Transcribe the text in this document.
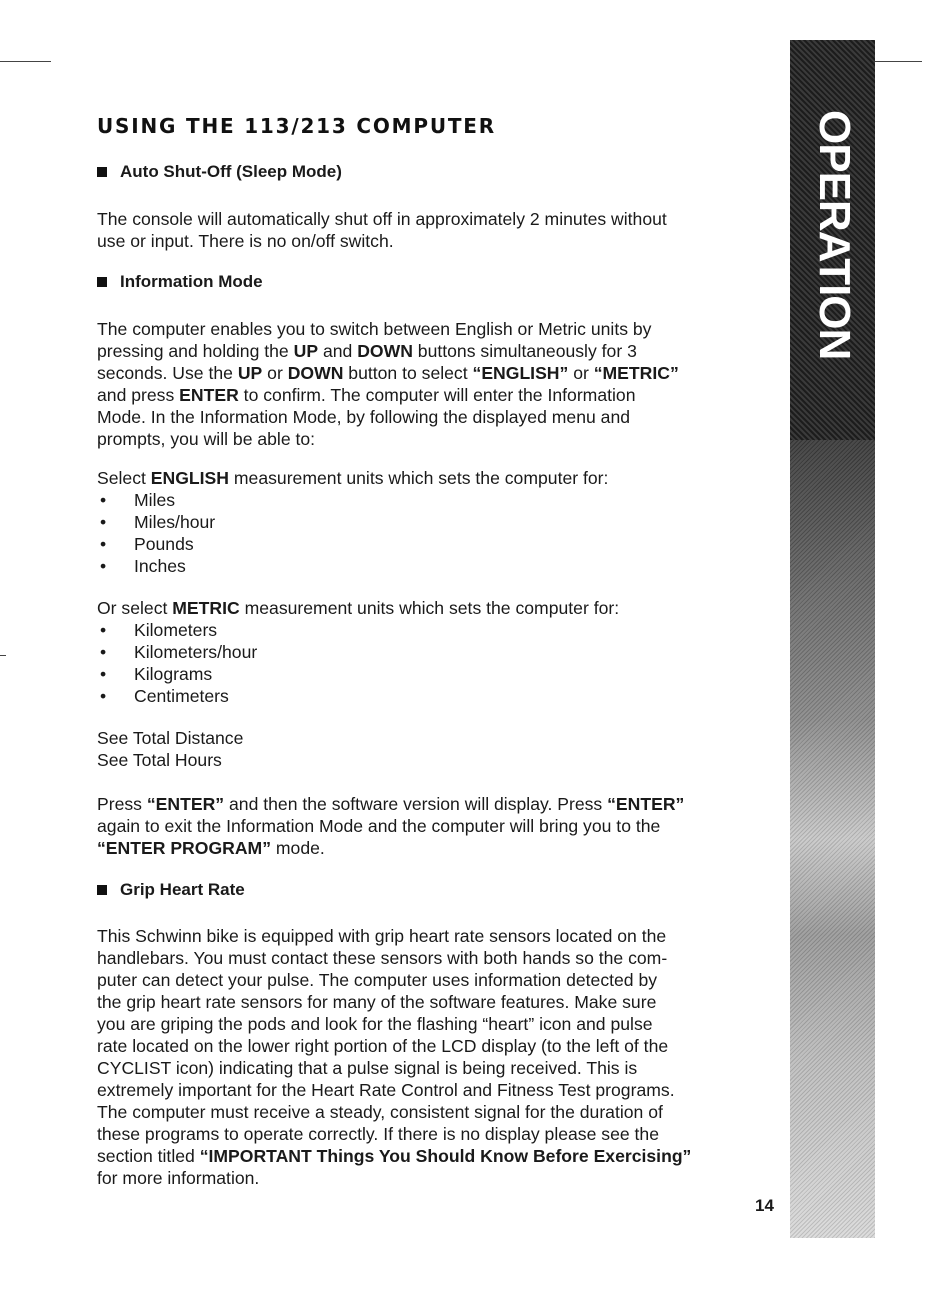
USING THE 113/213 COMPUTER
Auto Shut-Off (Sleep Mode)

The console will automatically shut off in approximately 2 minutes without

use or input. There is no on/off switch.

Information Mode

The computer enables you to switch between English or Metric units by

pressing and holding the UP and DOWN buttons simultaneously for 3

seconds. Use the UP or DOWN button to select “ENGLISH” or “METRIC”

and press ENTER to confirm. The computer will enter the Information

Mode. In the Information Mode, by following the displayed menu and

prompts, you will be able to:

Select ENGLISH measurement units which sets the computer for:

• Miles
• Miles/hour
• Pounds
• Inches

Or select METRIC measurement units which sets the computer for:

• Kilometers
• Kilometers/hour
• Kilograms
• Centimeters

See Total Distance

See Total Hours

Press “ENTER” and then the software version will display. Press “ENTER”

again to exit the Information Mode and the computer will bring you to the

“ENTER PROGRAM” mode.

Grip Heart Rate

This Schwinn bike is equipped with grip heart rate sensors located on the

handlebars. You must contact these sensors with both hands so the com-

puter can detect your pulse. The computer uses information detected by

the grip heart rate sensors for many of the software features. Make sure

you are griping the pods and look for the flashing “heart” icon and pulse

rate located on the lower right portion of the LCD display (to the left of the

CYCLIST icon) indicating that a pulse signal is being received. This is

extremely important for the Heart Rate Control and Fitness Test programs.

The computer must receive a steady, consistent signal for the duration of

these programs to operate correctly. If there is no display please see the

section titled “IMPORTANT Things You Should Know Before Exercising”

for more information.

OPERATION
14
